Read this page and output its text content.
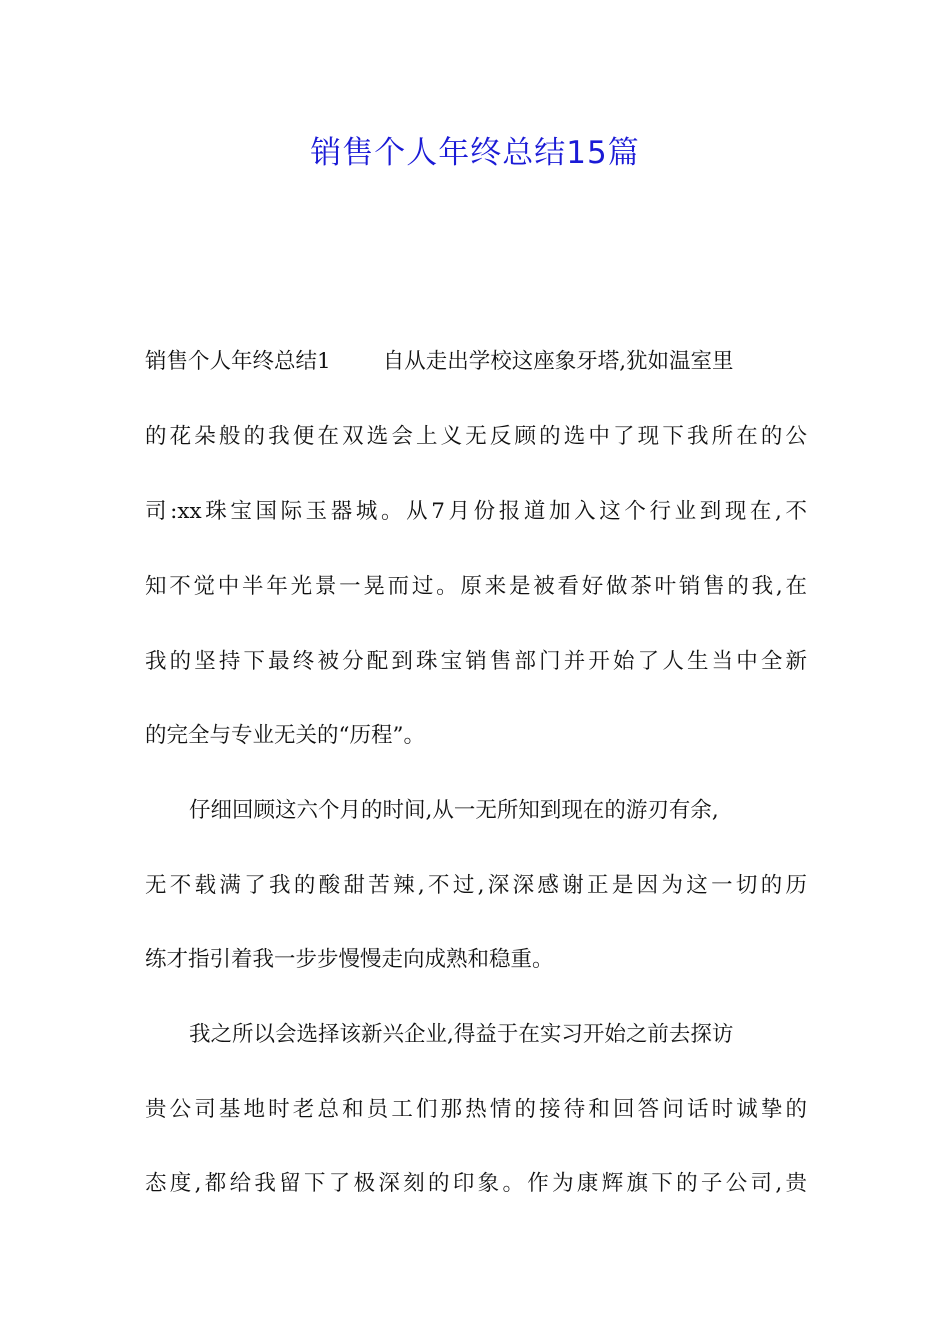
销售个人年终总结15篇
销售个人年终总结1 自从走出学校这座象牙塔,犹如温室里
的花朵般的我便在双选会上义无反顾的选中了现下我所在的公
司:xx珠宝国际玉器城。从7月份报道加入这个行业到现在,不
知不觉中半年光景一晃而过。原来是被看好做茶叶销售的我,在
我的坚持下最终被分配到珠宝销售部门并开始了人生当中全新
的完全与专业无关的“历程”。
仔细回顾这六个月的时间,从一无所知到现在的游刃有余,
无不载满了我的酸甜苦辣,不过,深深感谢正是因为这一切的历
练才指引着我一步步慢慢走向成熟和稳重。
我之所以会选择该新兴企业,得益于在实习开始之前去探访
贵公司基地时老总和员工们那热情的接待和回答问话时诚挚的
态度,都给我留下了极深刻的印象。作为康辉旗下的子公司,贵
